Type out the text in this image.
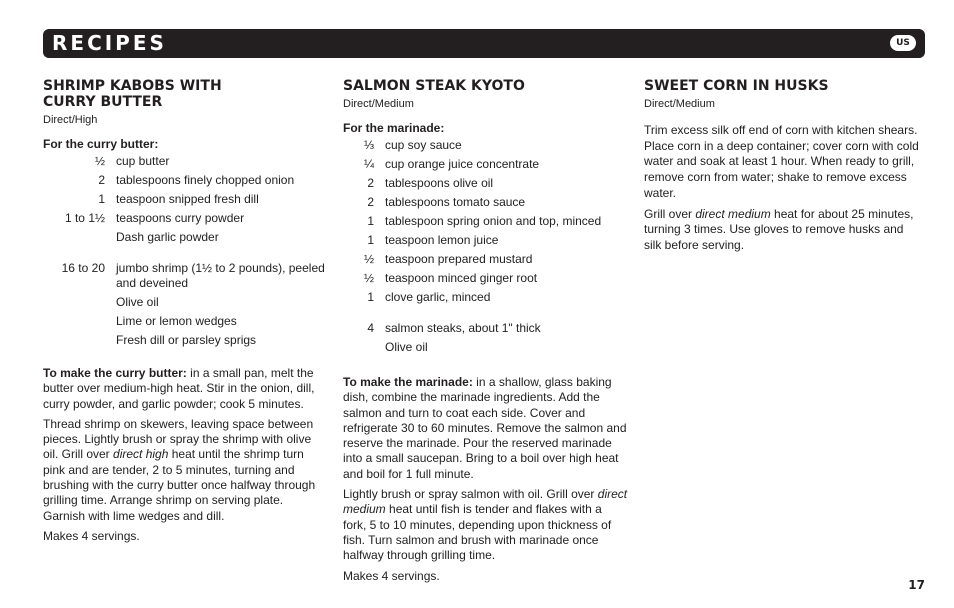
RECIPES	US
SHRIMP KABOBS WITH
CURRY BUTTER
Direct/High
For the curry butter:
½ cup butter
2 tablespoons finely chopped onion
1 teaspoon snipped fresh dill
1 to 1½ teaspoons curry powder
Dash garlic powder
16 to 20 jumbo shrimp (1½ to 2 pounds), peeled and deveined
Olive oil
Lime or lemon wedges
Fresh dill or parsley sprigs

To make the curry butter: in a small pan, melt the butter over medium-high heat. Stir in the onion, dill, curry powder, and garlic powder; cook 5 minutes.

Thread shrimp on skewers, leaving space between pieces. Lightly brush or spray the shrimp with olive oil. Grill over direct high heat until the shrimp turn pink and are tender, 2 to 5 minutes, turning and brushing with the curry butter once halfway through grilling time. Arrange shrimp on serving plate. Garnish with lime wedges and dill.

Makes 4 servings.

SALMON STEAK KYOTO
Direct/Medium
For the marinade:
⅓ cup soy sauce
¼ cup orange juice concentrate
2 tablespoons olive oil
2 tablespoons tomato sauce
1 tablespoon spring onion and top, minced
1 teaspoon lemon juice
½ teaspoon prepared mustard
½ teaspoon minced ginger root
1 clove garlic, minced
4 salmon steaks, about 1" thick
Olive oil

To make the marinade: in a shallow, glass baking dish, combine the marinade ingredients. Add the salmon and turn to coat each side. Cover and refrigerate 30 to 60 minutes. Remove the salmon and reserve the marinade. Pour the reserved marinade into a small saucepan. Bring to a boil over high heat and boil for 1 full minute.

Lightly brush or spray salmon with oil. Grill over direct medium heat until fish is tender and flakes with a fork, 5 to 10 minutes, depending upon thickness of fish. Turn salmon and brush with marinade once halfway through grilling time.

Makes 4 servings.

SWEET CORN IN HUSKS
Direct/Medium

Trim excess silk off end of corn with kitchen shears. Place corn in a deep container; cover corn with cold water and soak at least 1 hour. When ready to grill, remove corn from water; shake to remove excess water.

Grill over direct medium heat for about 25 minutes, turning 3 times. Use gloves to remove husks and silk before serving.

17
